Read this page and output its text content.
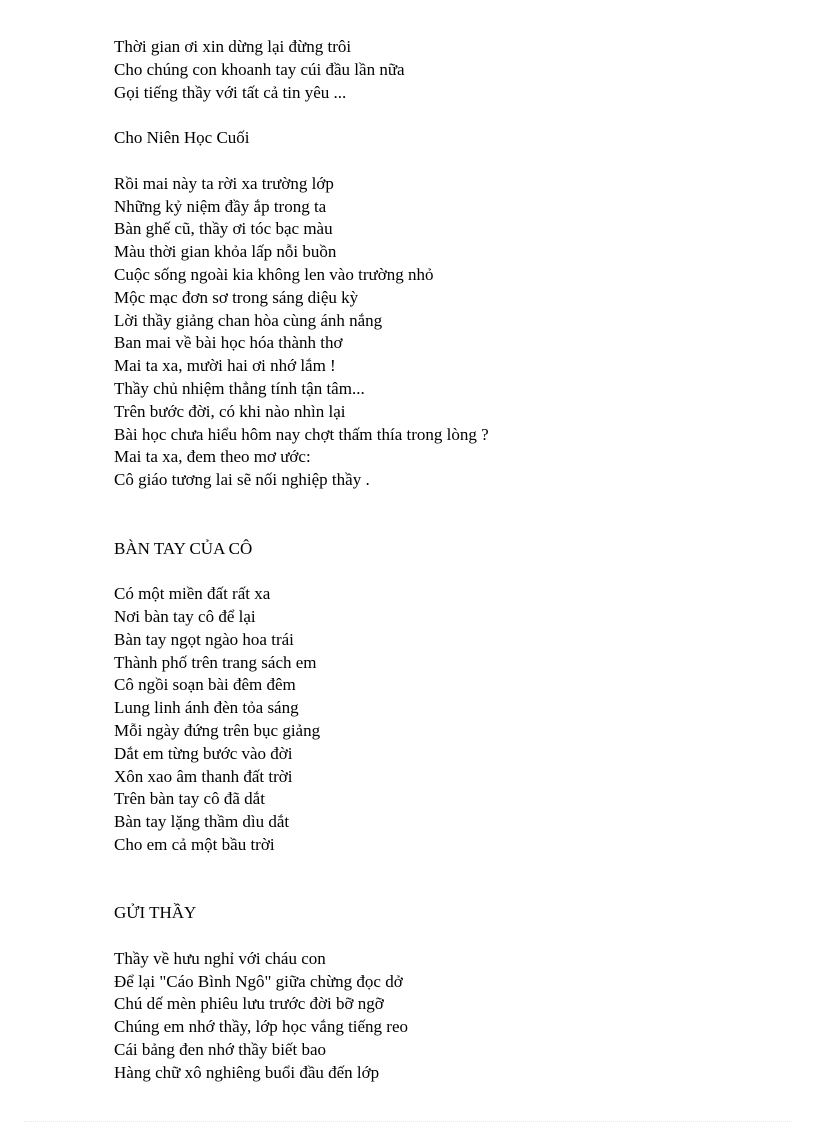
Thời gian ơi xin dừng lại đừng trôi
Cho chúng con khoanh tay cúi đầu lần nữa
Gọi tiếng thầy với tất cả tin yêu ...
Cho Niên Học Cuối
Rồi mai này ta rời xa trường lớp
Những kỷ niệm đầy ắp trong ta
Bàn ghế cũ, thầy ơi tóc bạc màu
Màu thời gian khỏa lấp nỗi buồn
Cuộc sống ngoài kia không len vào trường nhỏ
Mộc mạc đơn sơ trong sáng diệu kỳ
Lời thầy giảng chan hòa cùng ánh nắng
Ban mai về bài học hóa thành thơ
Mai ta xa, mười hai ơi nhớ lắm !
Thầy chủ nhiệm thẳng tính tận tâm...
Trên bước đời, có khi nào nhìn lại
Bài học chưa hiểu hôm nay chợt thấm thía trong lòng ?
Mai ta xa, đem theo mơ ước:
Cô giáo tương lai sẽ nối nghiệp thầy .
BÀN TAY CỦA CÔ
Có một miền đất rất xa
Nơi bàn tay cô để lại
Bàn tay ngọt ngào hoa trái
Thành phố trên trang sách em
Cô ngồi soạn bài đêm đêm
Lung linh ánh đèn tỏa sáng
Mỗi ngày đứng trên bục giảng
Dắt em từng bước vào đời
Xôn xao âm thanh đất trời
Trên bàn tay cô đã dắt
Bàn tay lặng thầm dìu dắt
Cho em cả một bầu trời
GỬI THẦY
Thầy về hưu nghỉ với cháu con
Để lại "Cáo Bình Ngô" giữa chừng đọc dở
Chú dế mèn phiêu lưu trước đời bỡ ngỡ
Chúng em nhớ thầy, lớp học vắng tiếng reo
Cái bảng đen nhớ thầy biết bao
Hàng chữ xô nghiêng buổi đầu đến lớp
